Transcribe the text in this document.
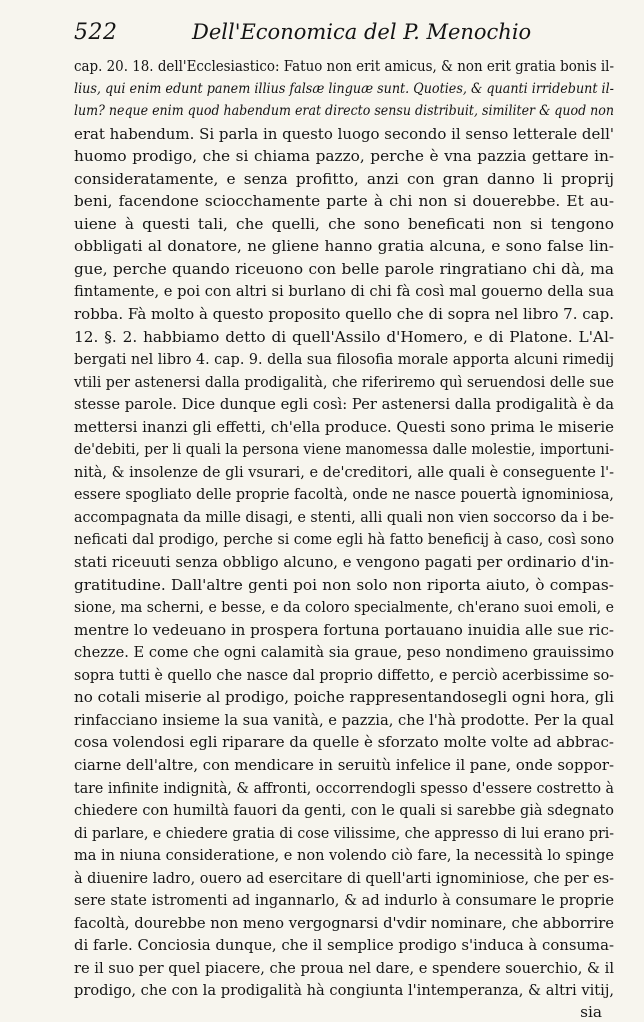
522	Dell'Economica del P. Menochio
cap. 20. 18. dell'Ecclesiastico: Fatuo non erit amicus, & non erit gratia bonis il-
lius, qui enim edunt panem illius falsæ linguæ sunt. Quoties, & quanti irridebunt il-
lum? neque enim quod habendum erat directo sensu distribuit, similiter & quod non
erat habendum. Si parla in questo luogo secondo il senso letterale dell'
huomo prodigo, che si chiama pazzo, perche è vna pazzia gettare in-
consideratamente, e senza profitto, anzi con gran danno li proprij
beni, facendone sciocchamente parte à chi non si douerebbe. Et au-
uiene à questi tali, che quelli, che sono beneficati non si tengono
obbligati al donatore, ne gliene hanno gratia alcuna, e sono false lin-
gue, perche quando riceuono con belle parole ringratiano chi dà, ma
fintamente, e poi con altri si burlano di chi fà così mal gouerno della sua
robba. Fà molto à questo proposito quello che di sopra nel libro 7. cap.
12. §. 2. habbiamo detto di quell'Assilo d'Homero, e di Platone. L'Al-
bergati nel libro 4. cap. 9. della sua filosofia morale apporta alcuni rimedij
vtili per astenersi dalla prodigalità, che riferiremo quì seruendosi delle sue
stesse parole. Dice dunque egli così: Per astenersi dalla prodigalità è da
mettersi inanzi gli effetti, ch'ella produce. Questi sono prima le miserie
de'debiti, per li quali la persona viene manomessa dalle molestie, importuni-
nità, & insolenze de gli vsurari, e de'creditori, alle quali è conseguente l'-
essere spogliato delle proprie facoltà, onde ne nasce pouertà ignominiosa,
accompagnata da mille disagi, e stenti, alli quali non vien soccorso da i be-
neficati dal prodigo, perche si come egli hà fatto beneficij à caso, così sono
stati riceuuti senza obbligo alcuno, e vengono pagati per ordinario d'in-
gratitudine. Dall'altre genti poi non solo non riporta aiuto, ò compas-
sione, ma scherni, e besse, e da coloro specialmente, ch'erano suoi emoli, e
mentre lo vedeuano in prospera fortuna portauano inuidia alle sue ric-
chezze. E come che ogni calamità sia graue, peso nondimeno grauissimo
sopra tutti è quello che nasce dal proprio diffetto, e perciò acerbissime so-
no cotali miserie al prodigo, poiche rappresentandosegli ogni hora, gli
rinfacciano insieme la sua vanità, e pazzia, che l'hà prodotte. Per la qual
cosa volendosi egli riparare da quelle è sforzato molte volte ad abbrac-
ciarne dell'altre, con mendicare in seruitù infelice il pane, onde soppor-
tare infinite indignità, & affronti, occorrendogli spesso d'essere costretto à
chiedere con humiltà fauori da genti, con le quali si sarebbe già sdegnato
di parlare, e chiedere gratia di cose vilissime, che appresso di lui erano pri-
ma in niuna consideratione, e non volendo ciò fare, la necessità lo spinge
à diuenire ladro, ouero ad esercitare di quell'arti ignominiose, che per es-
sere state istromenti ad ingannarlo, & ad indurlo à consumare le proprie
facoltà, dourebbe non meno vergognarsi d'vdir nominare, che abborrire
di farle. Conciosia dunque, che il semplice prodigo s'induca à consuma-
re il suo per quel piacere, che proua nel dare, e spendere souerchio, & il
prodigo, che con la prodigalità hà congiunta l'intemperanza, & altri vitij,
sia
